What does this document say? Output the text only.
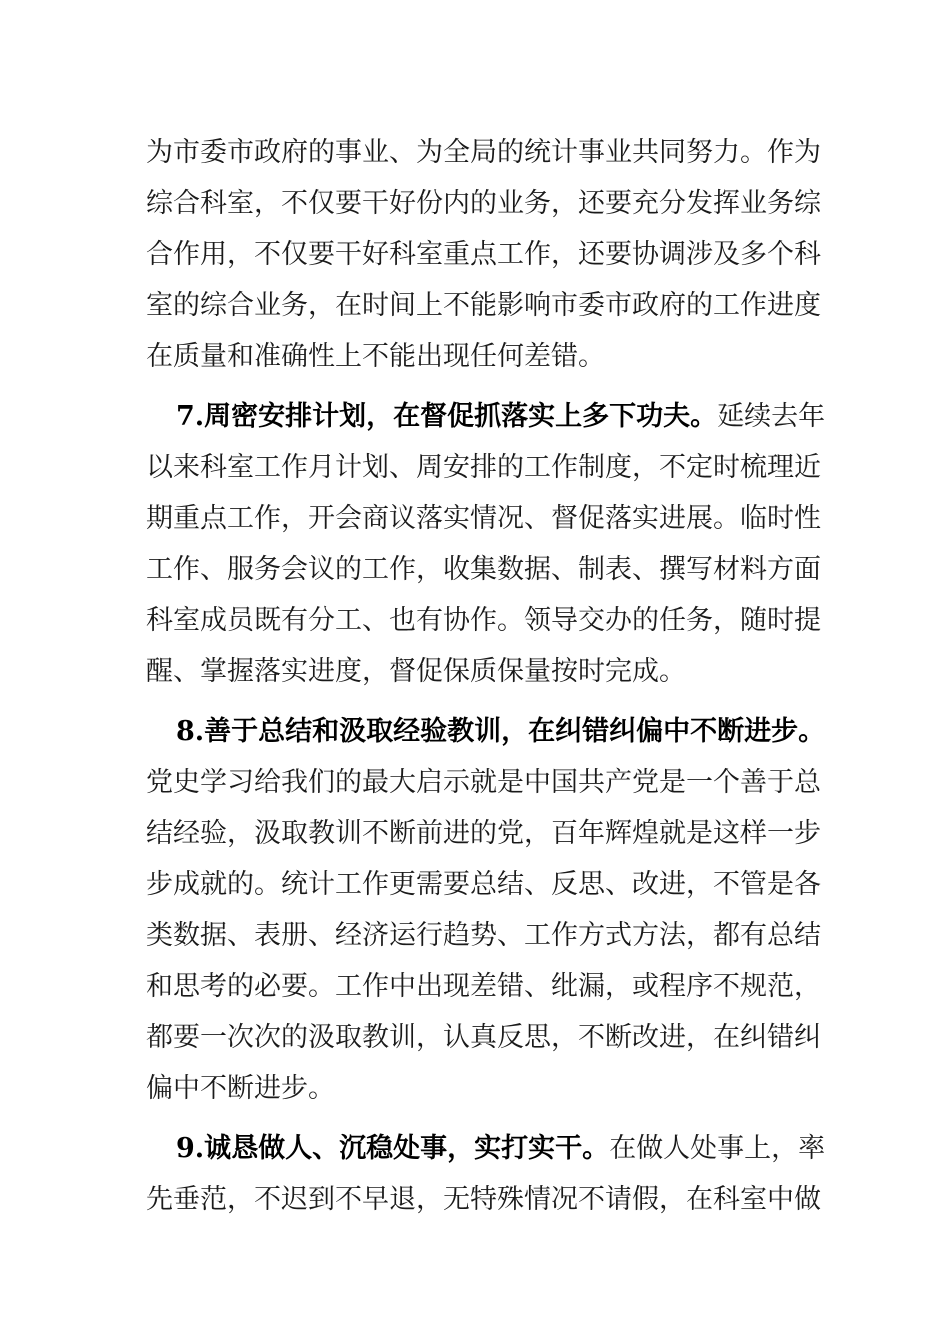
为市委市政府的事业、为全局的统计事业共同努力。作为
综合科室，不仅要干好份内的业务，还要充分发挥业务综
合作用，不仅要干好科室重点工作，还要协调涉及多个科
室的综合业务，在时间上不能影响市委市政府的工作进度
在质量和准确性上不能出现任何差错。
7.周密安排计划，在督促抓落实上多下功夫。延续去年
以来科室工作月计划、周安排的工作制度，不定时梳理近
期重点工作，开会商议落实情况、督促落实进展。临时性
工作、服务会议的工作，收集数据、制表、撰写材料方面
科室成员既有分工、也有协作。领导交办的任务，随时提
醒、掌握落实进度，督促保质保量按时完成。
8.善于总结和汲取经验教训，在纠错纠偏中不断进步。
党史学习给我们的最大启示就是中国共产党是一个善于总
结经验，汲取教训不断前进的党，百年辉煌就是这样一步
步成就的。统计工作更需要总结、反思、改进，不管是各
类数据、表册、经济运行趋势、工作方式方法，都有总结
和思考的必要。工作中出现差错、纰漏，或程序不规范，
都要一次次的汲取教训，认真反思，不断改进，在纠错纠
偏中不断进步。
9.诚恳做人、沉稳处事，实打实干。在做人处事上，率
先垂范，不迟到不早退，无特殊情况不请假，在科室中做
